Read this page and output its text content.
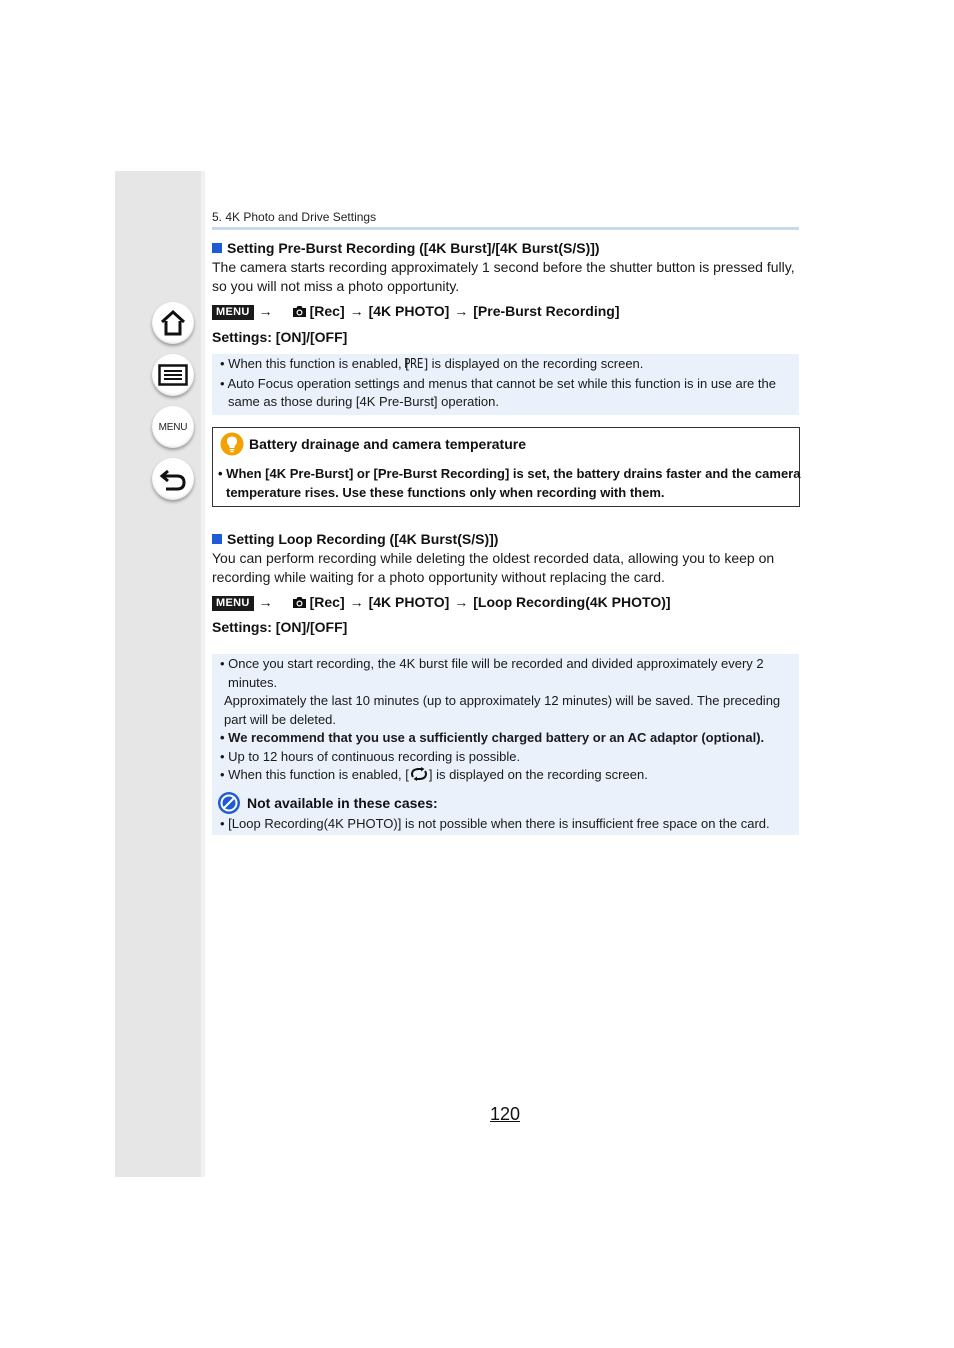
MENU
5. 4K Photo and Drive Settings
Setting Pre-Burst Recording ([4K Burst]/[4K Burst(S/S)])
The camera starts recording approximately 1 second before the shutter button is pressed fully, so you will not miss a photo opportunity.
MENU →	[Rec] → [4K PHOTO] → [Pre-Burst Recording]
Settings: [ON]/[OFF]
• When this function is enabled, [PRE ] is displayed on the recording screen.
• Auto Focus operation settings and menus that cannot be set while this function is in use are the same as those during [4K Pre-Burst] operation.
Battery drainage and camera temperature
• When [4K Pre-Burst] or [Pre-Burst Recording] is set, the battery drains faster and the camera temperature rises. Use these functions only when recording with them.
Setting Loop Recording ([4K Burst(S/S)])
You can perform recording while deleting the oldest recorded data, allowing you to keep on recording while waiting for a photo opportunity without replacing the card.
MENU →	[Rec] → [4K PHOTO] → [Loop Recording(4K PHOTO)]
Settings: [ON]/[OFF]
• Once you start recording, the 4K burst file will be recorded and divided approximately every 2 minutes.
Approximately the last 10 minutes (up to approximately 12 minutes) will be saved. The preceding part will be deleted.
• We recommend that you use a sufficiently charged battery or an AC adaptor (optional).
• Up to 12 hours of continuous recording is possible.
• When this function is enabled, [ ] is displayed on the recording screen.
Not available in these cases:
• [Loop Recording(4K PHOTO)] is not possible when there is insufficient free space on the card.
120
